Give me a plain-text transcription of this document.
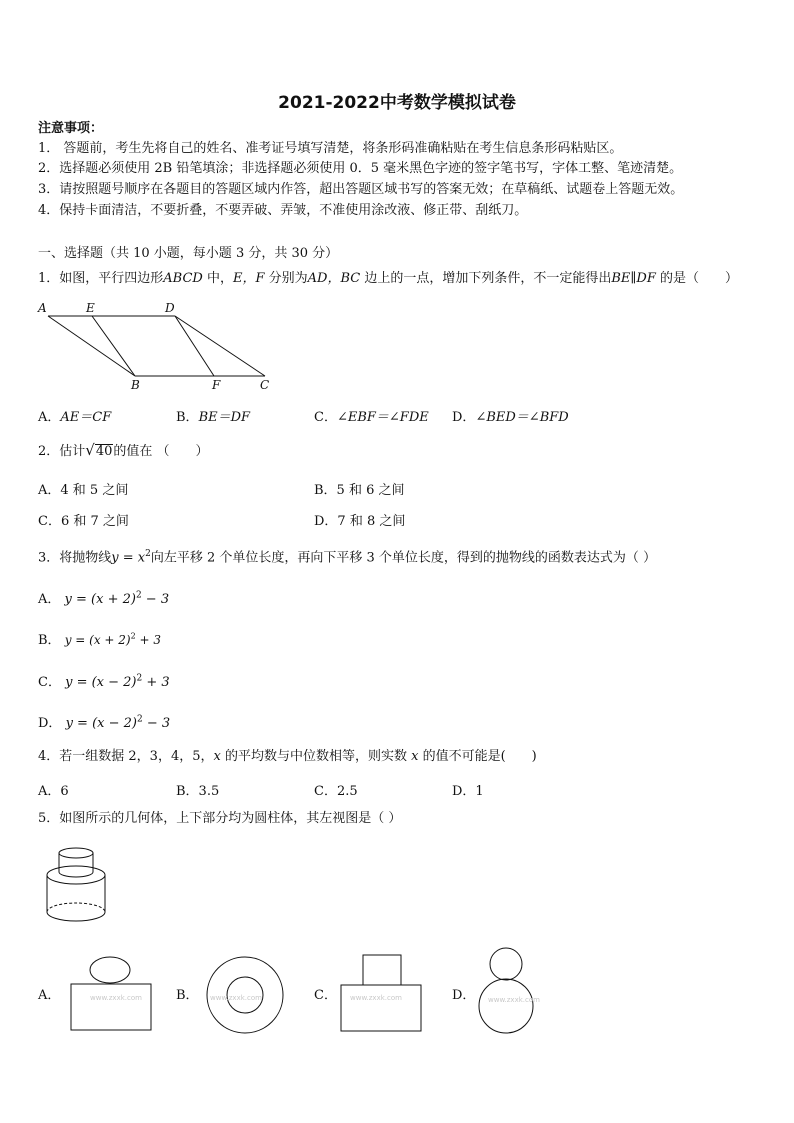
2021-2022中考数学模拟试卷
注意事项：
1． 答题前，考生先将自己的姓名、准考证号填写清楚，将条形码准确粘贴在考生信息条形码粘贴区。
2．选择题必须使用 2B 铅笔填涂；非选择题必须使用 0．5 毫米黑色字迹的签字笔书写，字体工整、笔迹清楚。
3．请按照题号顺序在各题目的答题区域内作答，超出答题区域书写的答案无效；在草稿纸、试题卷上答题无效。
4．保持卡面清洁，不要折叠，不要弄破、弄皱，不准使用涂改液、修正带、刮纸刀。
一、选择题（共 10 小题，每小题 3 分，共 30 分）
1．如图，平行四边形ABCD 中，E，F 分别为AD，BC 边上的一点，增加下列条件，不一定能得出BE∥DF 的是（　　）
A	E	D
B	F	C
A．AE＝CF	B．BE＝DF	C．∠EBF＝∠FDE D．∠BED＝∠BFD
2．估计√40的值在 （　　）
A．4 和 5 之间	B．5 和 6 之间
C．6 和 7 之间	D．7 和 8 之间
3．将抛物线$y = x^2$向左平移 2 个单位长度，再向下平移 3 个单位长度，得到的抛物线的函数表达式为（ ）
A． $y = (x + 2)^2 - 3$
B． $y = (x + 2)^2 + 3$
C． $y = (x - 2)^2 + 3$
D． $y = (x - 2)^2 - 3$
4．若一组数据 2，3，4，5，x 的平均数与中位数相等，则实数 x 的值不可能是(　　)
A．6	B．3.5	C．2.5	D．1
5．如图所示的几何体，上下部分均为圆柱体，其左视图是（ ）
A．	www.zxxk.com	B． www.zxxk.com	C． www.zxxk.com	D． www.zxxk.com
